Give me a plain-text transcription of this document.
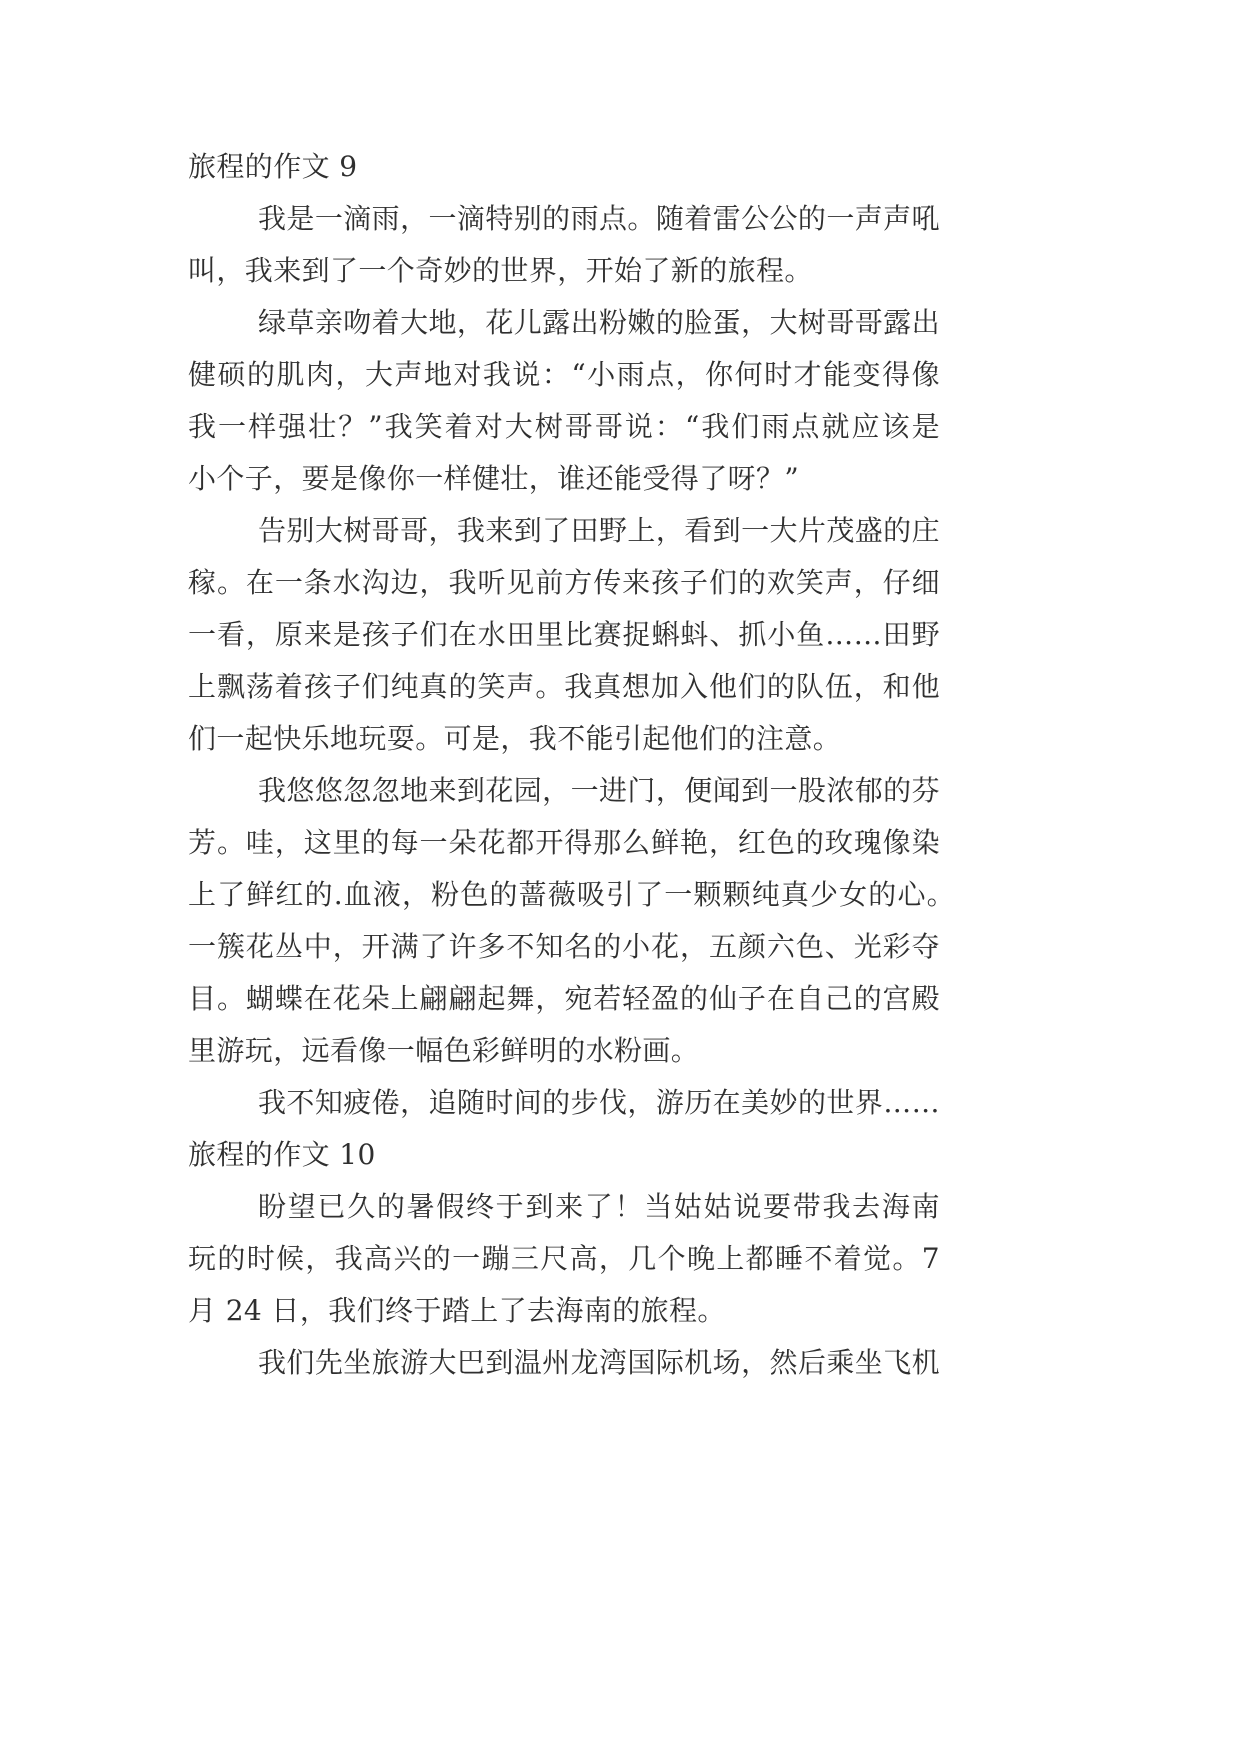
旅程的作文 9
我是一滴雨，一滴特别的雨点。随着雷公公的一声声吼
叫，我来到了一个奇妙的世界，开始了新的旅程。
绿草亲吻着大地，花儿露出粉嫩的脸蛋，大树哥哥露出
健硕的肌肉，大声地对我说：“小雨点，你何时才能变得像
我一样强壮？”我笑着对大树哥哥说：“我们雨点就应该是
小个子，要是像你一样健壮，谁还能受得了呀？”
告别大树哥哥，我来到了田野上，看到一大片茂盛的庄
稼。在一条水沟边，我听见前方传来孩子们的欢笑声，仔细
一看，原来是孩子们在水田里比赛捉蝌蚪、抓小鱼……田野
上飘荡着孩子们纯真的笑声。我真想加入他们的队伍，和他
们一起快乐地玩耍。可是，我不能引起他们的注意。
我悠悠忽忽地来到花园，一进门，便闻到一股浓郁的芬
芳。哇，这里的每一朵花都开得那么鲜艳，红色的玫瑰像染
上了鲜红的.血液，粉色的蔷薇吸引了一颗颗纯真少女的心。
一簇花丛中，开满了许多不知名的小花，五颜六色、光彩夺
目。蝴蝶在花朵上翩翩起舞，宛若轻盈的仙子在自己的宫殿
里游玩，远看像一幅色彩鲜明的水粉画。
我不知疲倦，追随时间的步伐，游历在美妙的世界……
旅程的作文 10
盼望已久的暑假终于到来了！当姑姑说要带我去海南
玩的时候，我高兴的一蹦三尺高，几个晚上都睡不着觉。7
月 24 日，我们终于踏上了去海南的旅程。
我们先坐旅游大巴到温州龙湾国际机场，然后乘坐飞机
